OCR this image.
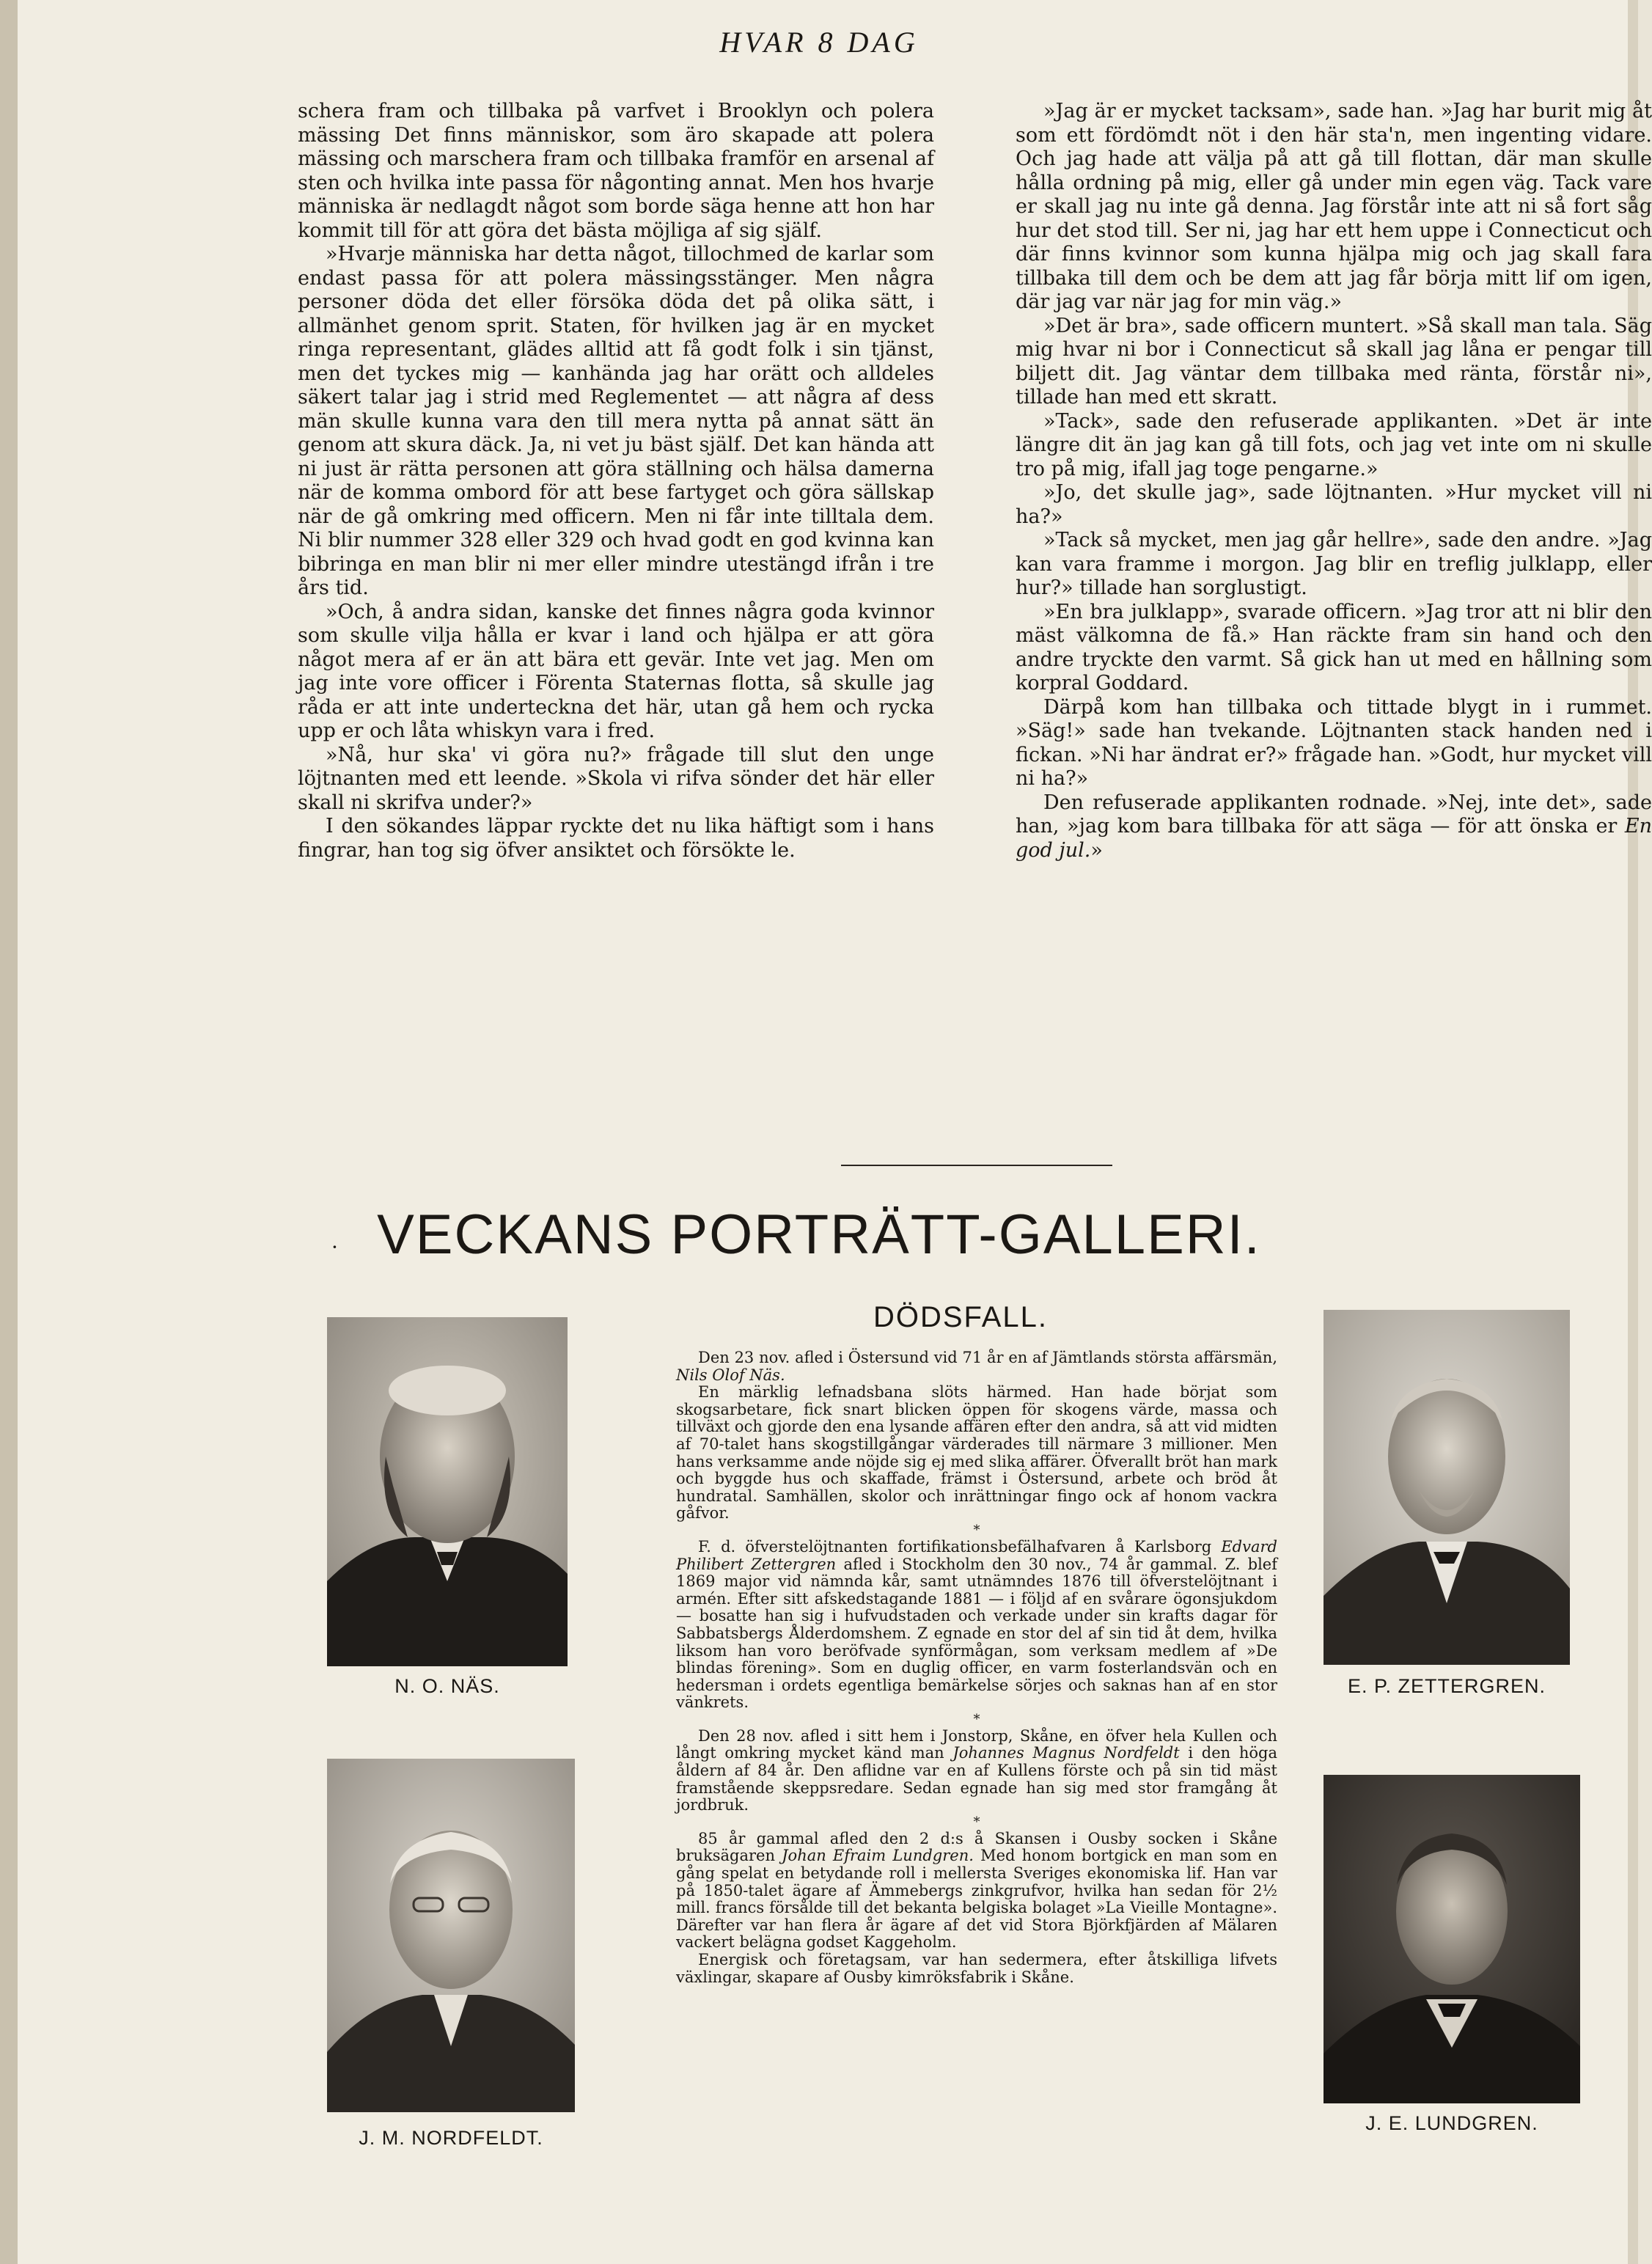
HVAR 8 DAG

schera fram och tillbaka på varfvet i Brooklyn och polera mässing Det finns människor, som äro skapade att polera mässing och marschera fram och tillbaka framför en arsenal af sten och hvilka inte passa för någonting annat. Men hos hvarje människa är nedlagdt något som borde säga henne att hon har kommit till för att göra det bästa möjliga af sig själf.

»Hvarje människa har detta något, tillochmed de karlar som endast passa för att polera mässingsstänger. Men några personer döda det eller försöka döda det på olika sätt, i allmänhet genom sprit. Staten, för hvilken jag är en mycket ringa representant, glädes alltid att få godt folk i sin tjänst, men det tyckes mig — kanhända jag har orätt och alldeles säkert talar jag i strid med Reglementet — att några af dess män skulle kunna vara den till mera nytta på annat sätt än genom att skura däck. Ja, ni vet ju bäst själf. Det kan hända att ni just är rätta personen att göra ställning och hälsa damerna när de komma ombord för att bese fartyget och göra sällskap när de gå omkring med officern. Men ni får inte tilltala dem. Ni blir nummer 328 eller 329 och hvad godt en god kvinna kan bibringa en man blir ni mer eller mindre utestängd ifrån i tre års tid.

»Och, å andra sidan, kanske det finnes några goda kvinnor som skulle vilja hålla er kvar i land och hjälpa er att göra något mera af er än att bära ett gevär. Inte vet jag. Men om jag inte vore officer i Förenta Staternas flotta, så skulle jag råda er att inte underteckna det här, utan gå hem och rycka upp er och låta whiskyn vara i fred.

»Nå, hur ska' vi göra nu?» frågade till slut den unge löjtnanten med ett leende. »Skola vi rifva sönder det här eller skall ni skrifva under?»

I den sökandes läppar ryckte det nu lika häftigt som i hans fingrar, han tog sig öfver ansiktet och försökte le.

»Jag är er mycket tacksam», sade han. »Jag har burit mig åt som ett fördömdt nöt i den här sta'n, men ingenting vidare. Och jag hade att välja på att gå till flottan, där man skulle hålla ordning på mig, eller gå under min egen väg. Tack vare er skall jag nu inte gå denna. Jag förstår inte att ni så fort såg hur det stod till. Ser ni, jag har ett hem uppe i Connecticut och där finns kvinnor som kunna hjälpa mig och jag skall fara tillbaka till dem och be dem att jag får börja mitt lif om igen, där jag var när jag for min väg.»

»Det är bra», sade officern muntert. »Så skall man tala. Säg mig hvar ni bor i Connecticut så skall jag låna er pengar till biljett dit. Jag väntar dem tillbaka med ränta, förstår ni», tillade han med ett skratt.

»Tack», sade den refuserade applikanten. »Det är inte längre dit än jag kan gå till fots, och jag vet inte om ni skulle tro på mig, ifall jag toge pengarne.»

»Jo, det skulle jag», sade löjtnanten. »Hur mycket vill ni ha?»

»Tack så mycket, men jag går hellre», sade den andre. »Jag kan vara framme i morgon. Jag blir en treflig julklapp, eller hur?» tillade han sorglustigt.

»En bra julklapp», svarade officern. »Jag tror att ni blir den mäst välkomna de få.» Han räckte fram sin hand och den andre tryckte den varmt. Så gick han ut med en hållning som korpral Goddard.

Därpå kom han tillbaka och tittade blygt in i rummet. »Säg!» sade han tvekande. Löjtnanten stack handen ned i fickan. »Ni har ändrat er?» frågade han. »Godt, hur mycket vill ni ha?»

Den refuserade applikanten rodnade. »Nej, inte det», sade han, »jag kom bara tillbaka för att säga — för att önska er En god jul.»

· VECKANS PORTRÄTT-GALLERI.
N. O. NÄS.	E. P. ZETTERGREN.
J. M. NORDFELDT.
J. E. LUNDGREN.
DÖDSFALL.

Den 23 nov. afled i Östersund vid 71 år en af Jämtlands största affärsmän, Nils Olof Näs.

En märklig lefnadsbana slöts härmed. Han hade börjat som skogsarbetare, fick snart blicken öppen för skogens värde, massa och tillväxt och gjorde den ena lysande affären efter den andra, så att vid midten af 70-talet hans skogstillgångar värderades till närmare 3 millioner. Men hans verksamme ande nöjde sig ej med slika affärer. Öfverallt bröt han mark och byggde hus och skaffade, främst i Östersund, arbete och bröd åt hundratal. Samhällen, skolor och inrättningar fingo ock af honom vackra gåfvor.

*

F. d. öfverstelöjtnanten fortifikationsbefälhafvaren å Karlsborg Edvard Philibert Zettergren afled i Stockholm den 30 nov., 74 år gammal. Z. blef 1869 major vid nämnda kår, samt utnämndes 1876 till öfverstelöjtnant i armén. Efter sitt afskedstagande 1881 — i följd af en svårare ögonsjukdom — bosatte han sig i hufvudstaden och verkade under sin krafts dagar för Sabbatsbergs Ålderdomshem. Z egnade en stor del af sin tid åt dem, hvilka liksom han voro beröfvade synförmågan, som verksam medlem af »De blindas förening». Som en duglig officer, en varm fosterlandsvän och en hedersman i ordets egentliga bemärkelse sörjes och saknas han af en stor vänkrets.

*

Den 28 nov. afled i sitt hem i Jonstorp, Skåne, en öfver hela Kullen och långt omkring mycket känd man Johannes Magnus Nordfeldt i den höga åldern af 84 år. Den aflidne var en af Kullens förste och på sin tid mäst framstående skeppsredare. Sedan egnade han sig med stor framgång åt jordbruk.

*

85 år gammal afled den 2 d:s å Skansen i Ousby socken i Skåne bruksägaren Johan Efraim Lundgren. Med honom bortgick en man som en gång spelat en betydande roll i mellersta Sveriges ekonomiska lif. Han var på 1850-talet ägare af Ämmebergs zinkgrufvor, hvilka han sedan för 2½ mill. francs försålde till det bekanta belgiska bolaget »La Vieille Montagne». Därefter var han flera år ägare af det vid Stora Björkfjärden af Mälaren vackert belägna godset Kaggeholm.

Energisk och företagsam, var han sedermera, efter åtskilliga lifvets växlingar, skapare af Ousby kimröksfabrik i Skåne.
